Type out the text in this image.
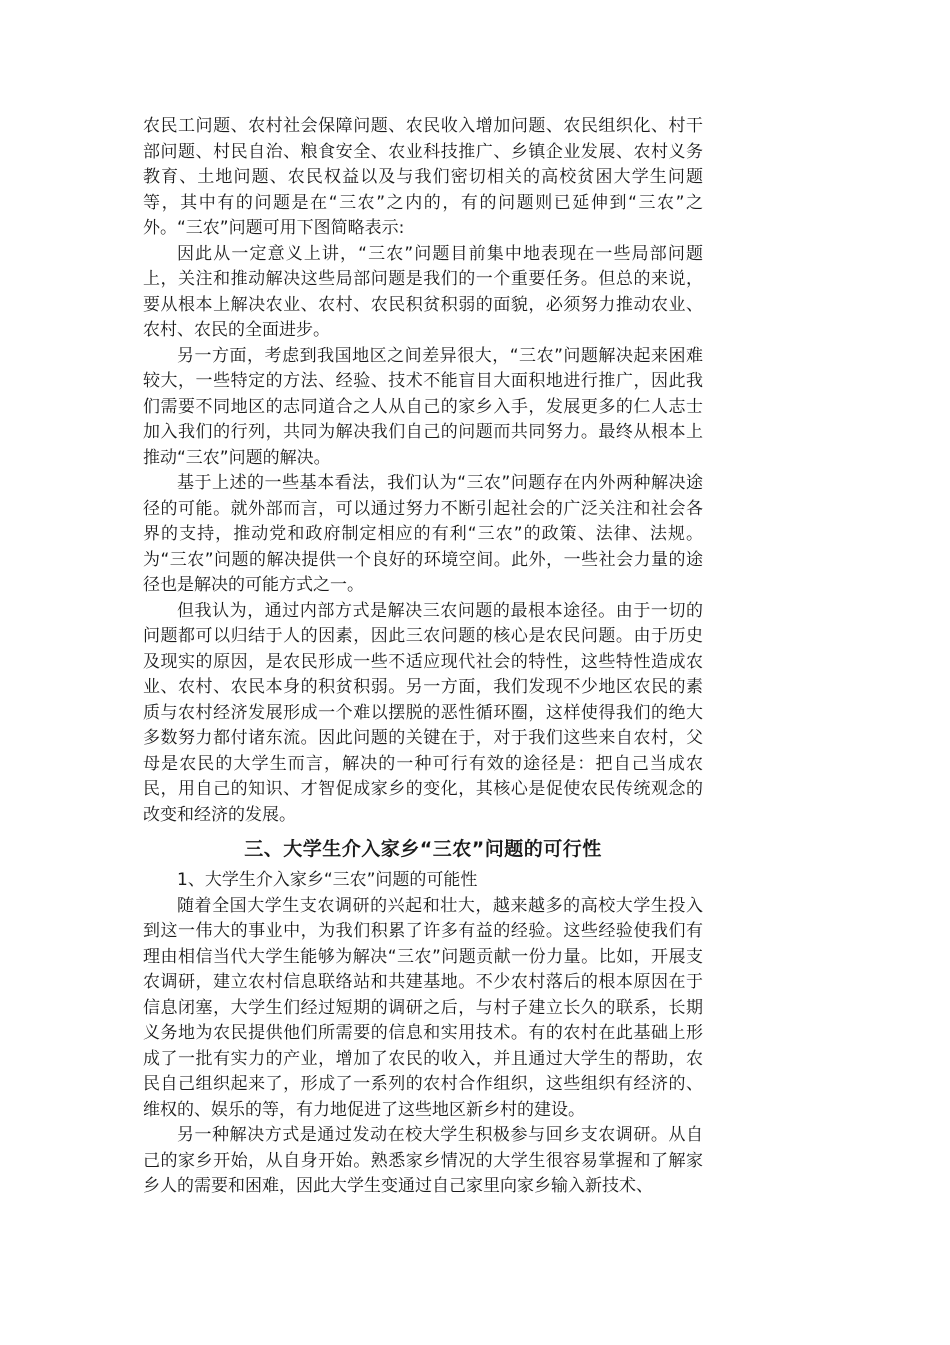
农民工问题、农村社会保障问题、农民收入增加问题、农民组织化、村干部问题、村民自治、粮食安全、农业科技推广、乡镇企业发展、农村义务教育、土地问题、农民权益以及与我们密切相关的高校贫困大学生问题等，其中有的问题是在“三农”之内的，有的问题则已延伸到“三农”之外。“三农”问题可用下图简略表示:

因此从一定意义上讲，“三农”问题目前集中地表现在一些局部问题上，关注和推动解决这些局部问题是我们的一个重要任务。但总的来说，要从根本上解决农业、农村、农民积贫积弱的面貌，必须努力推动农业、农村、农民的全面进步。

另一方面，考虑到我国地区之间差异很大，“三农”问题解决起来困难较大，一些特定的方法、经验、技术不能盲目大面积地进行推广，因此我们需要不同地区的志同道合之人从自己的家乡入手，发展更多的仁人志士加入我们的行列，共同为解决我们自己的问题而共同努力。最终从根本上推动“三农”问题的解决。

基于上述的一些基本看法，我们认为“三农”问题存在内外两种解决途径的可能。就外部而言，可以通过努力不断引起社会的广泛关注和社会各界的支持，推动党和政府制定相应的有利“三农”的政策、法律、法规。为“三农”问题的解决提供一个良好的环境空间。此外，一些社会力量的途径也是解决的可能方式之一。

但我认为，通过内部方式是解决三农问题的最根本途径。由于一切的问题都可以归结于人的因素，因此三农问题的核心是农民问题。由于历史及现实的原因，是农民形成一些不适应现代社会的特性，这些特性造成农业、农村、农民本身的积贫积弱。另一方面，我们发现不少地区农民的素质与农村经济发展形成一个难以摆脱的恶性循环圈，这样使得我们的绝大多数努力都付诸东流。因此问题的关键在于，对于我们这些来自农村，父母是农民的大学生而言，解决的一种可行有效的途径是：把自己当成农民，用自己的知识、才智促成家乡的变化，其核心是促使农民传统观念的改变和经济的发展。

三、大学生介入家乡“三农”问题的可行性

1、大学生介入家乡“三农”问题的可能性

随着全国大学生支农调研的兴起和壮大，越来越多的高校大学生投入到这一伟大的事业中，为我们积累了许多有益的经验。这些经验使我们有理由相信当代大学生能够为解决“三农”问题贡献一份力量。比如，开展支农调研，建立农村信息联络站和共建基地。不少农村落后的根本原因在于信息闭塞，大学生们经过短期的调研之后，与村子建立长久的联系，长期义务地为农民提供他们所需要的信息和实用技术。有的农村在此基础上形成了一批有实力的产业，增加了农民的收入，并且通过大学生的帮助，农民自己组织起来了，形成了一系列的农村合作组织，这些组织有经济的、维权的、娱乐的等，有力地促进了这些地区新乡村的建设。

另一种解决方式是通过发动在校大学生积极参与回乡支农调研。从自己的家乡开始，从自身开始。熟悉家乡情况的大学生很容易掌握和了解家乡人的需要和困难，因此大学生变通过自己家里向家乡输入新技术、
